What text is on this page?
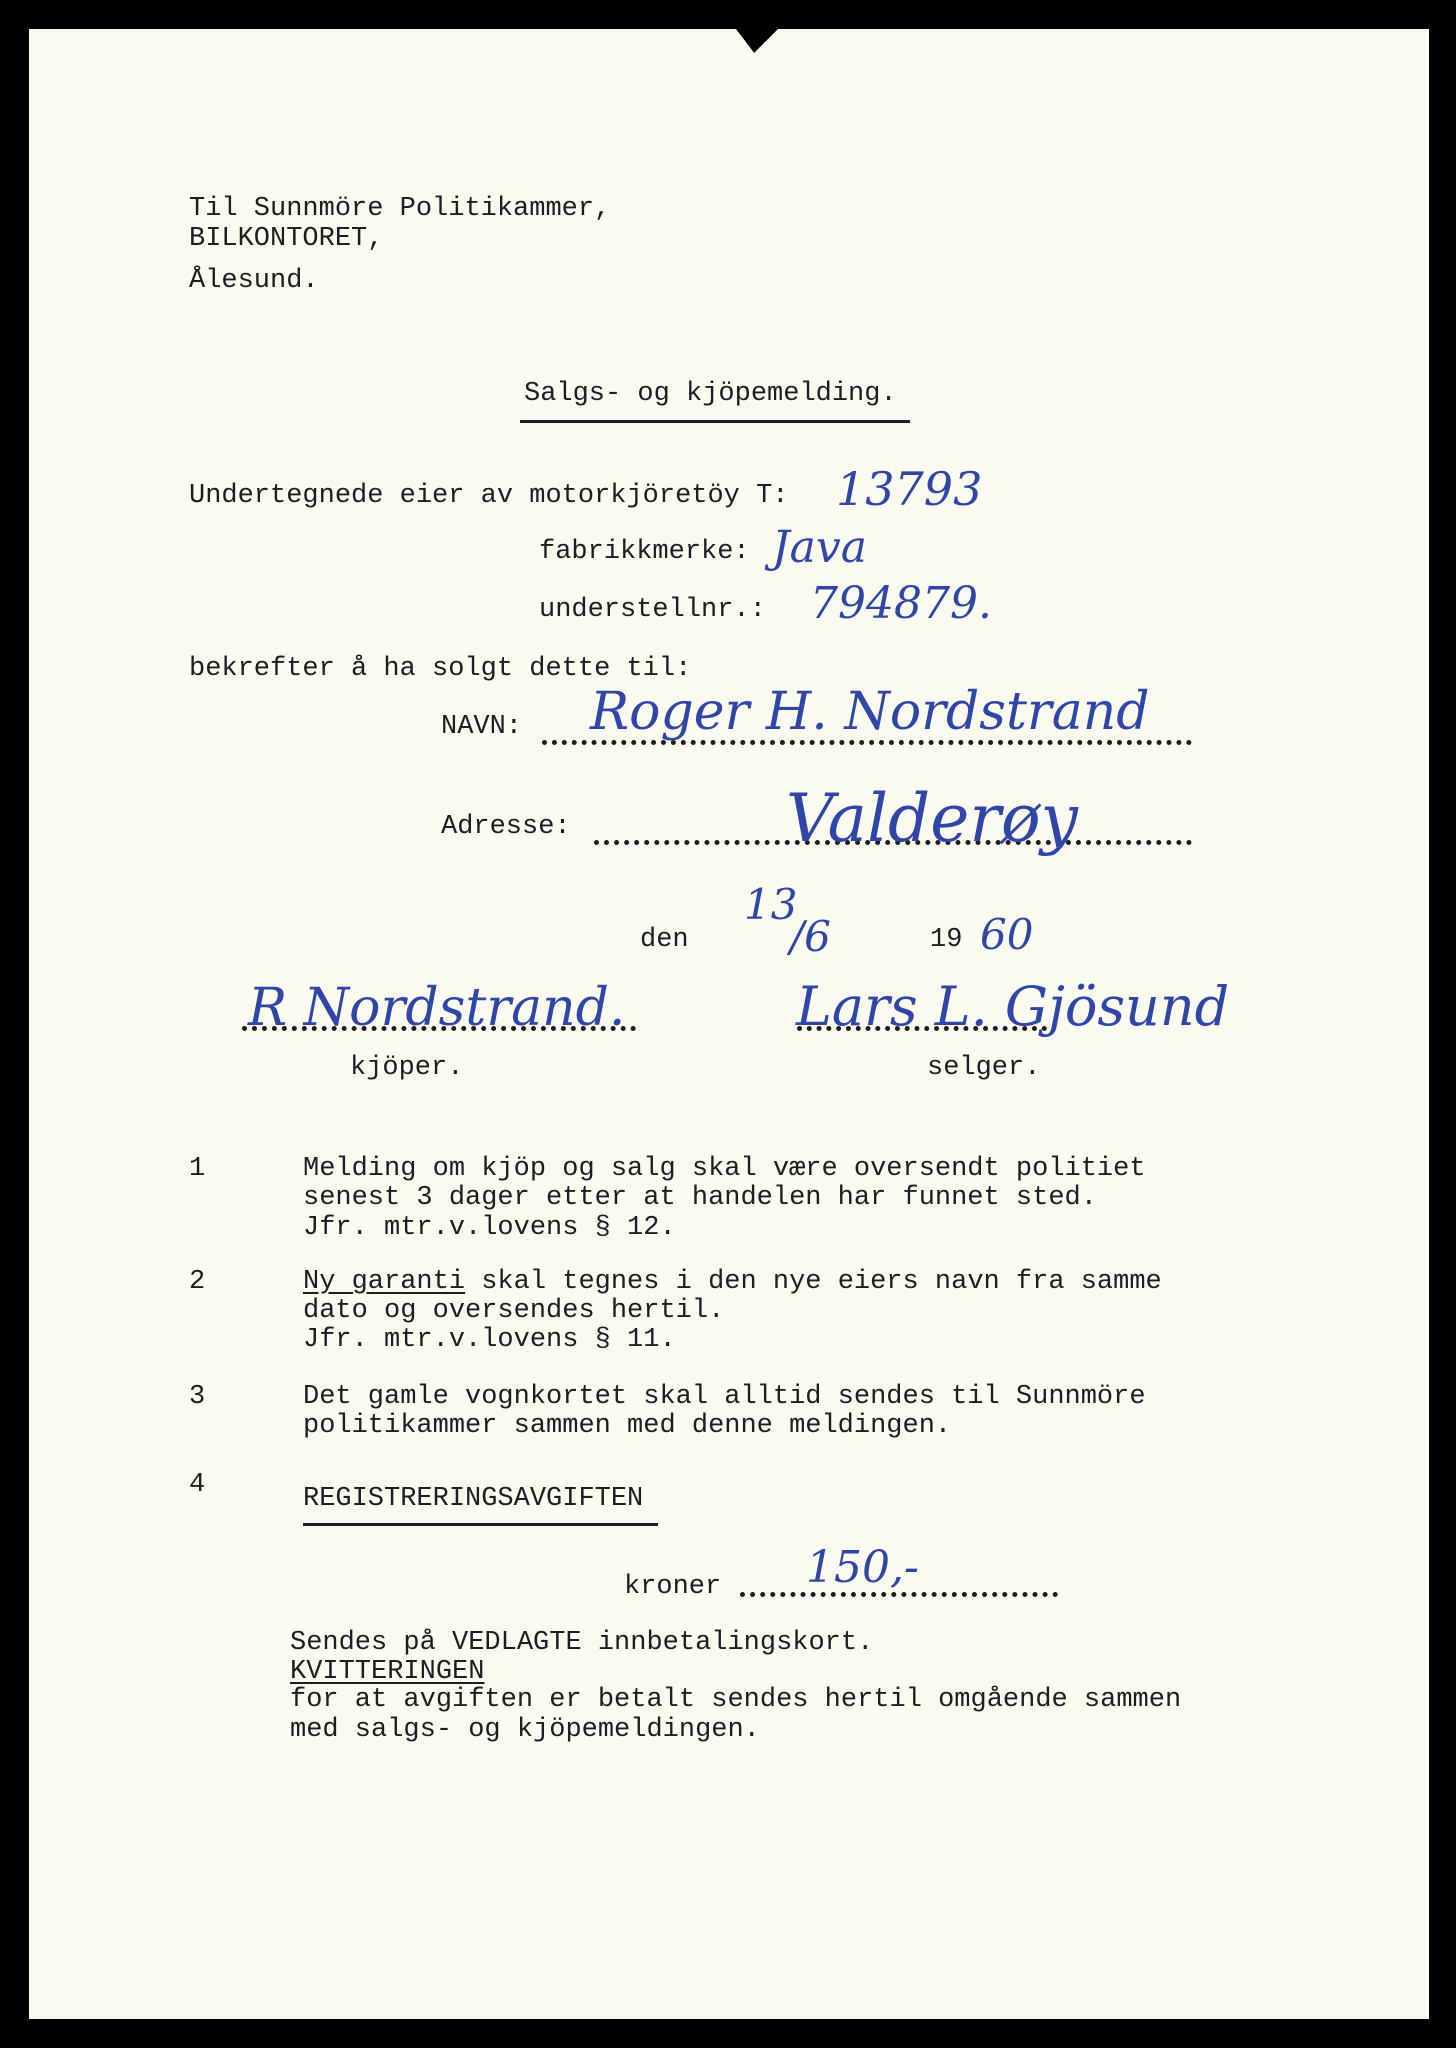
Til Sunnmöre Politikammer,
BILKONTORET,
Ålesund.
Salgs- og kjöpemelding.
Undertegnede eier av motorkjöretöy T: 13793
fabrikkmerke: Java
understellnr.: 794879.
bekrefter å ha solgt dette til:
NAVN: Roger H. Nordstrand
Adresse:	Valderøy
den
13
/6	19 60
R Nordstrand.	Lars L. Gjösund
kjöper.	selger.
1	Melding om kjöp og salg skal være oversendt politiet
senest 3 dager etter at handelen har funnet sted.
Jfr. mtr.v.lovens § 12.
2	Ny garanti skal tegnes i den nye eiers navn fra samme
dato og oversendes hertil.
Jfr. mtr.v.lovens § 11.
3	Det gamle vognkortet skal alltid sendes til Sunnmöre
politikammer sammen med denne meldingen.
4	REGISTRERINGSAVGIFTEN
kroner 150,-
Sendes på VEDLAGTE innbetalingskort.
KVITTERINGEN
for at avgiften er betalt sendes hertil omgående sammen
med salgs- og kjöpemeldingen.
